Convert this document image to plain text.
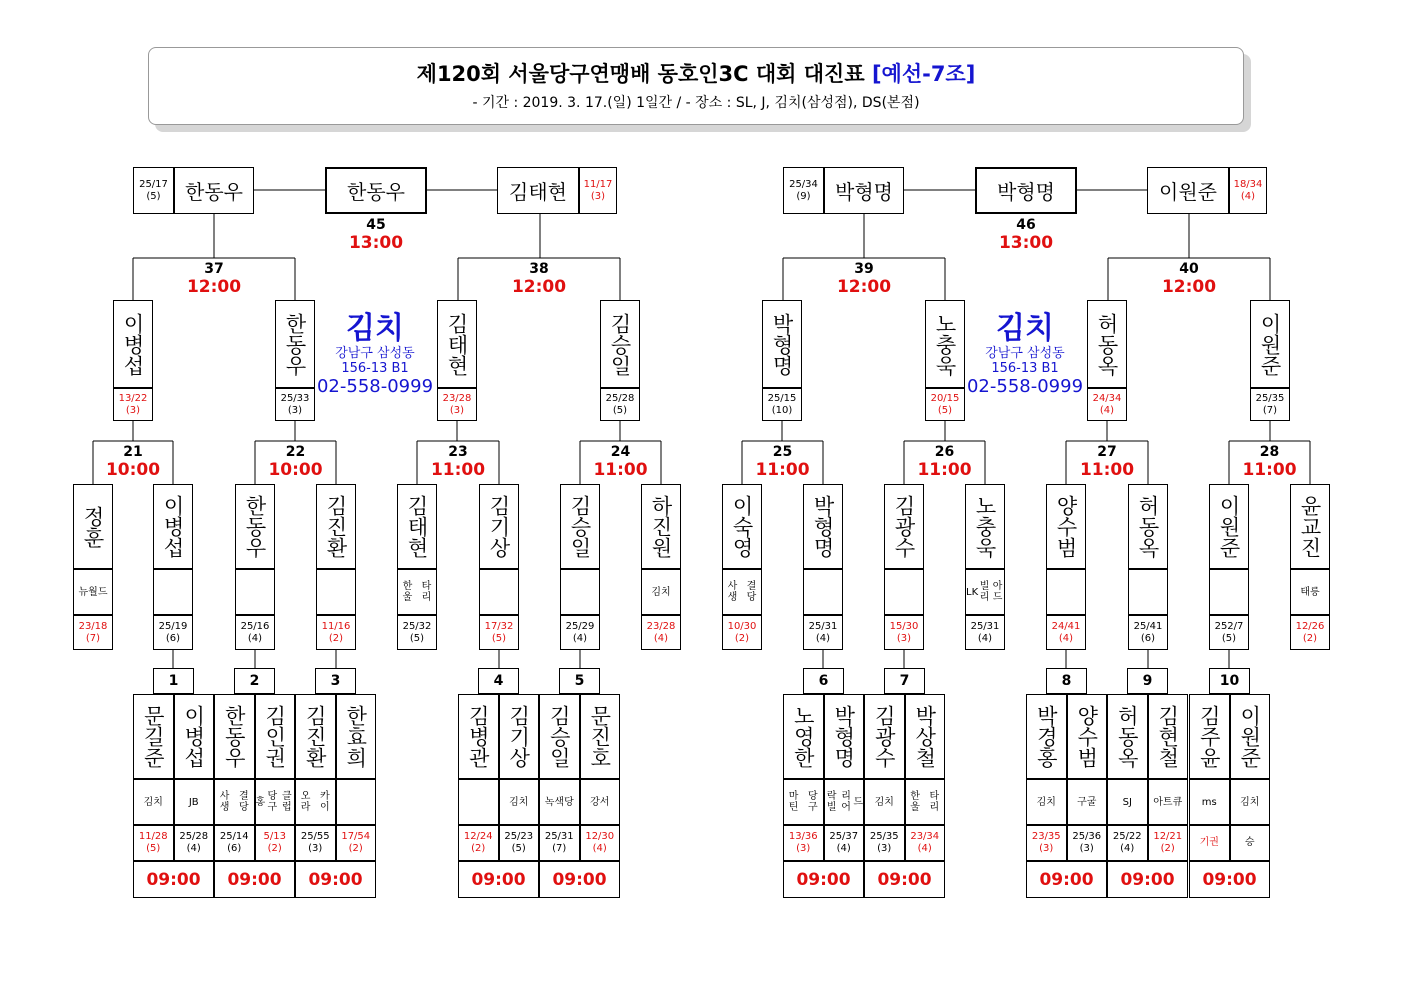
제120회 서울당구연맹배 동호인3C 대회 대진표 [예선-7조]
- 기간 : 2019. 3. 17.(일) 1일간 / - 장소 : SL, J, 김치(삼성점), DS(본점)
25/17
(5)	한동우	한동우	김태현	11/17
(3)
45
13:00
25/34
(9)	박형명	박형명	이원준	18/34
(4)
46
13:00
37
12:00
38
12:00
39
12:00
40
12:00
이병섭
13/22
(3)
한동우
25/33
(3)
김태현
23/28
(3)
김승일
25/28
(5)
박형명
25/15
(10)
노충욱
20/15
(5)
허동옥
24/34
(4)
이원준
25/35
(7)
김치
강남구 삼성동
156-13 B1
02-558-0999
김치
강남구 삼성동
156-13 B1
02-558-0999
21
10:00
22
10:00
23
11:00
24
11:00
25
11:00
26
11:00
27
11:00
28
11:00
정훈
뉴 월드
23/18
(7)
이병섭
25/19
(6)
한동우
25/16
(4)
김진환
11/16
(2)
김태현
한울

타리
25/32
(5)
김기상
17/32
(5)
김승일
25/29
(4)
하진원
김치
23/28
(4)
이숙영
사생

결당
10/30
(2)
박형명
25/31
(4)
김광수
15/30
(3)
노충욱
LK 빌리

아드
25/31
(4)
양수범
24/41
(4)
허동옥
25/41
(6)
이원준
252/7
(5)
윤교진
태릉
12/26
(2)
1
문길준
김치
11/28
(5)
이병섭
JB
25/28
(4)
09:00
2
한동우
사생

결당
25/14
(6)
김인권
홍 당구

클럽
5/13
(2)
09:00
3
김진환
오라

카이
25/55
(3)
한효희
17/54
(2)
09:00
4
김병관
12/24
(2)
김기상
김치
25/23
(5)
09:00
5
김승일
녹색 당
25/31
(7)
문진호
강서
12/30
(4)
09:00
6
노영한
마틴

당구
13/36
(3)
박형명
락빌

리어 드
25/37
(4)
09:00
7
김광수
김치
25/35
(3)
박상철
한울

타리
23/34
(4)
09:00
8
박경홍
김치
23/35
(3)
양수범
구굴
25/36
(3)
09:00
9
허동옥
SJ
25/22
(4)
김현철
아트 큐
12/21
(2)
09:00
10
김주윤
ms
기권
이원준
김치
승
09:00
